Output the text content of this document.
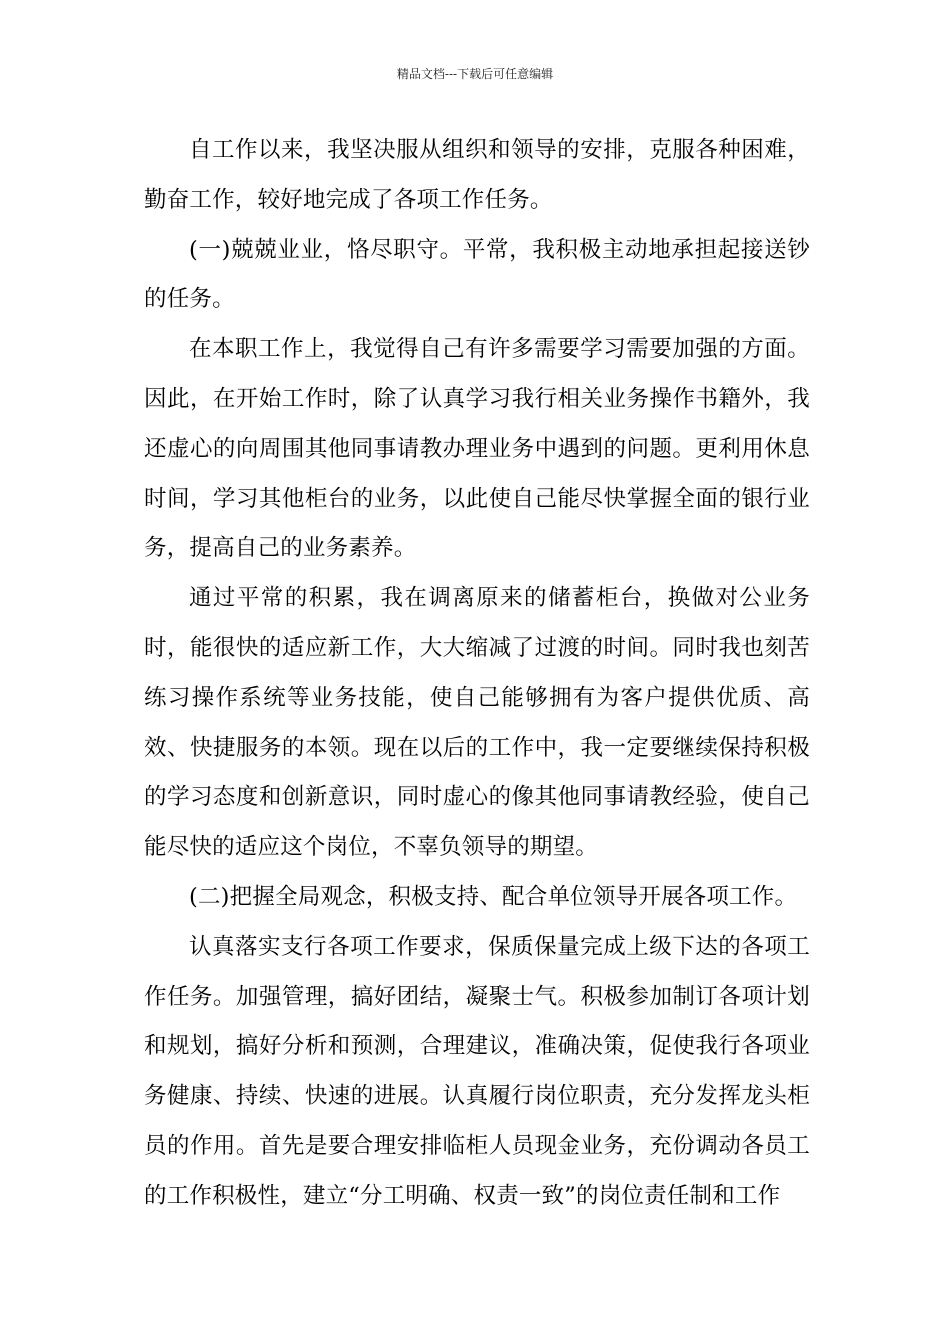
精品文档---下载后可任意编辑

自工作以来，我坚决服从组织和领导的安排，克服各种困难，勤奋工作，较好地完成了各项工作任务。

(一)兢兢业业，恪尽职守。平常，我积极主动地承担起接送钞的任务。

在本职工作上，我觉得自己有许多需要学习需要加强的方面。因此，在开始工作时，除了认真学习我行相关业务操作书籍外，我还虚心的向周围其他同事请教办理业务中遇到的问题。更利用休息时间，学习其他柜台的业务，以此使自己能尽快掌握全面的银行业务，提高自己的业务素养。

通过平常的积累，我在调离原来的储蓄柜台，换做对公业务时，能很快的适应新工作，大大缩减了过渡的时间。同时我也刻苦练习操作系统等业务技能，使自己能够拥有为客户提供优质、高效、快捷服务的本领。现在以后的工作中，我一定要继续保持积极的学习态度和创新意识，同时虚心的像其他同事请教经验，使自己能尽快的适应这个岗位，不辜负领导的期望。

(二)把握全局观念，积极支持、配合单位领导开展各项工作。

认真落实支行各项工作要求，保质保量完成上级下达的各项工作任务。加强管理，搞好团结，凝聚士气。积极参加制订各项计划和规划，搞好分析和预测，合理建议，准确决策，促使我行各项业务健康、持续、快速的进展。认真履行岗位职责，充分发挥龙头柜员的作用。首先是要合理安排临柜人员现金业务，充份调动各员工的工作积极性，建立“分工明确、权责一致”的岗位责任制和工作
